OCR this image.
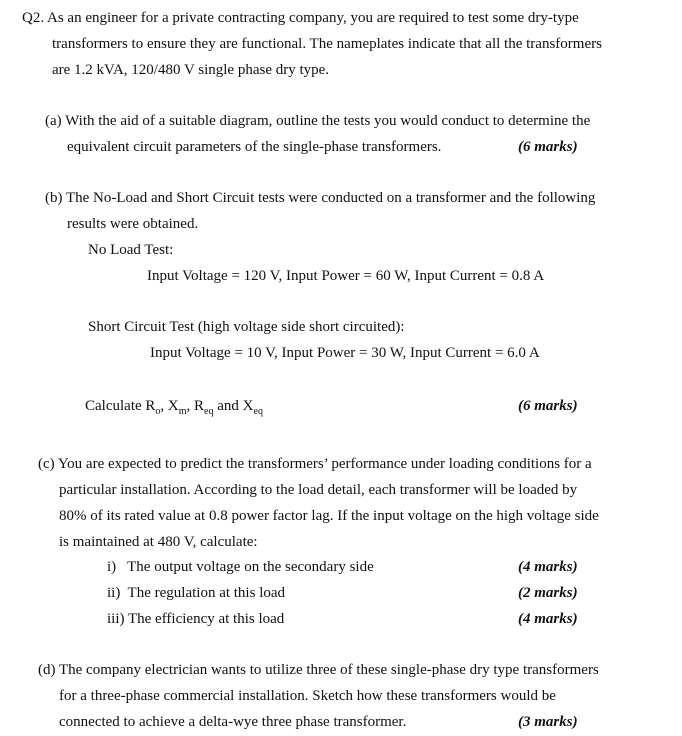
Q2. As an engineer for a private contracting company, you are required to test some dry-type
transformers to ensure they are functional. The nameplates indicate that all the transformers
are 1.2 kVA, 120/480 V single phase dry type.
(a) With the aid of a suitable diagram, outline the tests you would conduct to determine the
equivalent circuit parameters of the single-phase transformers.	(6 marks)
(b) The No-Load and Short Circuit tests were conducted on a transformer and the following
results were obtained.
No Load Test:
Input Voltage = 120 V, Input Power = 60 W, Input Current = 0.8 A
Short Circuit Test (high voltage side short circuited):
Input Voltage = 10 V, Input Power = 30 W, Input Current = 6.0 A
Calculate $R_o$, $X_m$, $R_{eq}$ and $X_{eq}$	(6 marks)
(c) You are expected to predict the transformers’ performance under loading conditions for a
particular installation. According to the load detail, each transformer will be loaded by
80% of its rated value at 0.8 power factor lag. If the input voltage on the high voltage side
is maintained at 480 V, calculate:
i)   The output voltage on the secondary side	(4 marks)
ii)  The regulation at this load	(2 marks)
iii) The efficiency at this load	(4 marks)
(d) The company electrician wants to utilize three of these single-phase dry type transformers
for a three-phase commercial installation. Sketch how these transformers would be
connected to achieve a delta-wye three phase transformer.	(3 marks)
